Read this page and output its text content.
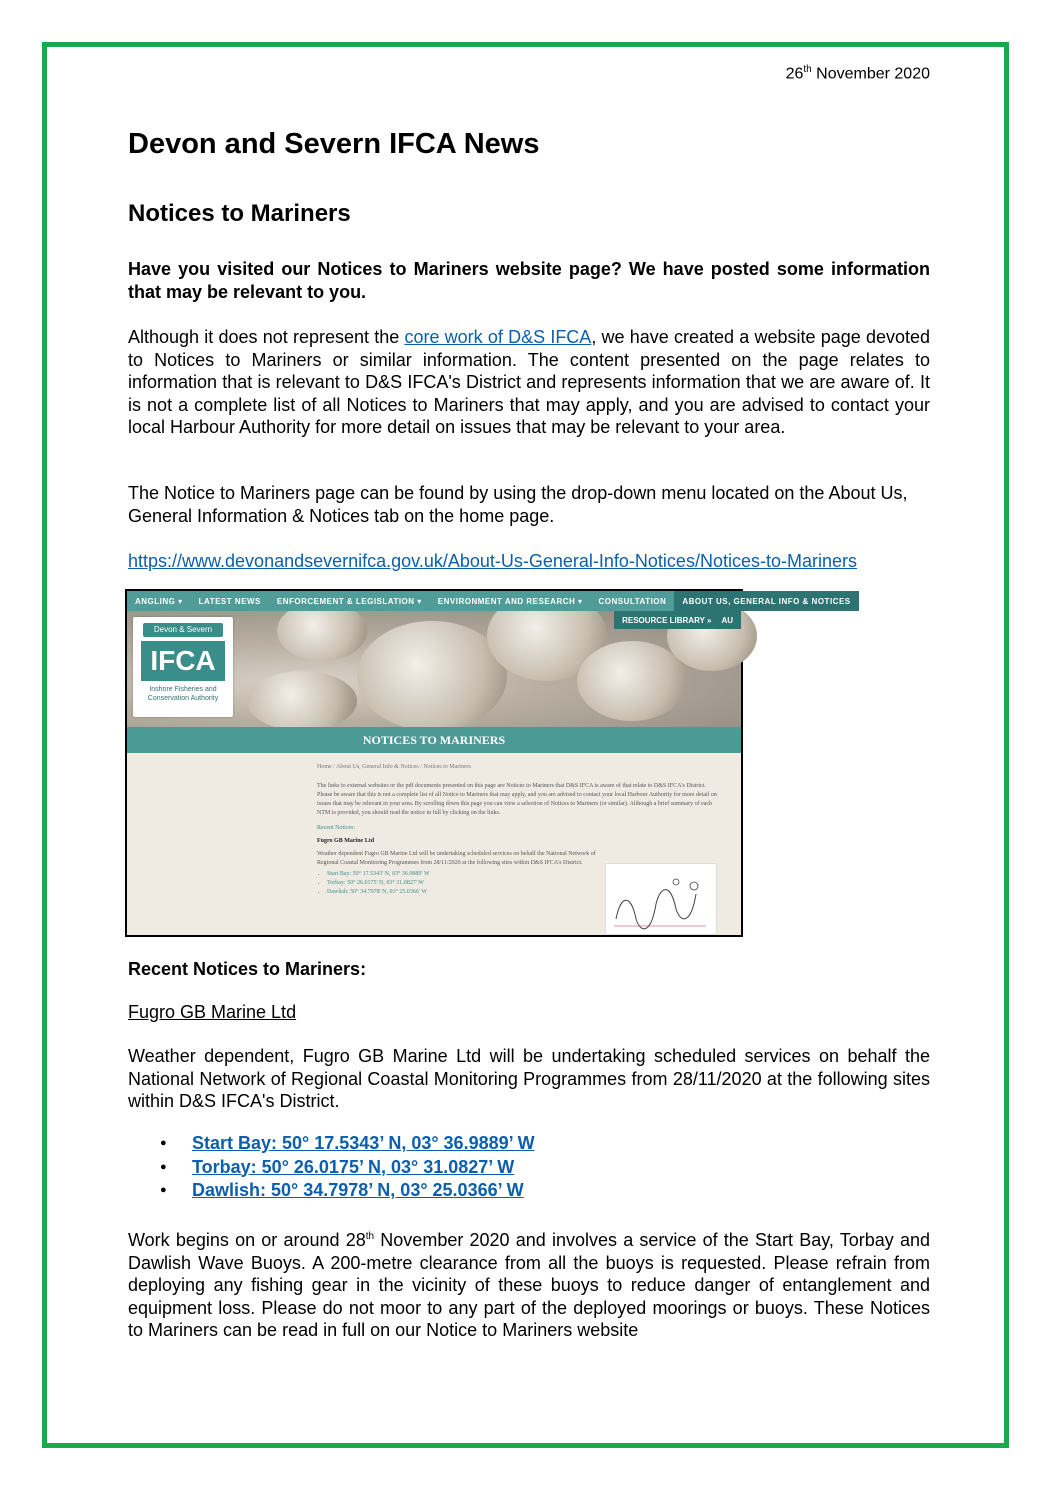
26th November 2020
Devon and Severn IFCA News
Notices to Mariners

Have you visited our Notices to Mariners website page? We have posted some information that may be relevant to you.

Although it does not represent the core work of D&S IFCA, we have created a website page devoted to Notices to Mariners or similar information. The content presented on the page relates to information that is relevant to D&S IFCA's District and represents information that we are aware of. It is not a complete list of all Notices to Mariners that may apply, and you are advised to contact your local Harbour Authority for more detail on issues that may be relevant to your area.

The Notice to Mariners page can be found by using the drop-down menu located on the About Us, General Information & Notices tab on the home page.

https://www.devonandsevernifca.gov.uk/About-Us-General-Info-Notices/Notices-to-Mariners

ANGLING ▾	LATEST NEWS	ENFORCEMENT & LEGISLATION ▾	ENVIRONMENT AND RESEARCH ▾	CONSULTATION	ABOUT US, GENERAL INFO & NOTICES
RESOURCE LIBRARY » AU
Devon & Severn
IFCA
Inshore Fisheries and Conservation Authority
NOTICES TO MARINERS
Home / About Us, General Info & Notices / Notices to Mariners
The links to external websites or the pdf documents presented on this page are Notices to Mariners that D&S IFCA is aware of that relate to D&S IFCA's District. Please be aware that this is not a complete list of all Notice to Mariners that may apply, and you are advised to contact your local Harbour Authority for more detail on issues that may be relevant in your area. By scrolling down this page you can view a selection of Notices to Mariners (or similar). Although a brief summary of each NTM is provided, you should read the notice in full by clicking on the links.
Recent Notices:
Fugro GB Marine Ltd
Weather dependent Fugro GB Marine Ltd will be undertaking scheduled services on behalf the National Network of Regional Coastal Monitoring Programmes from 28/11/2020 at the following sites within D&S IFCA's District.
• Start Bay: 50° 17.5343' N, 03° 36.9889' W
• Torbay: 50° 26.0175' N, 03° 31.0827' W
• Dawlish: 50° 34.7978' N, 03° 25.0366' W

Recent Notices to Mariners:

Fugro GB Marine Ltd

Weather dependent, Fugro GB Marine Ltd will be undertaking scheduled services on behalf the National Network of Regional Coastal Monitoring Programmes from 28/11/2020 at the following sites within D&S IFCA's District.

● Start Bay: 50° 17.5343’ N, 03° 36.9889’ W
● Torbay: 50° 26.0175’ N, 03° 31.0827’ W
● Dawlish: 50° 34.7978’ N, 03° 25.0366’ W

Work begins on or around 28th November 2020 and involves a service of the Start Bay, Torbay and Dawlish Wave Buoys. A 200-metre clearance from all the buoys is requested. Please refrain from deploying any fishing gear in the vicinity of these buoys to reduce danger of entanglement and equipment loss. Please do not moor to any part of the deployed moorings or buoys. These Notices to Mariners can be read in full on our Notice to Mariners website
